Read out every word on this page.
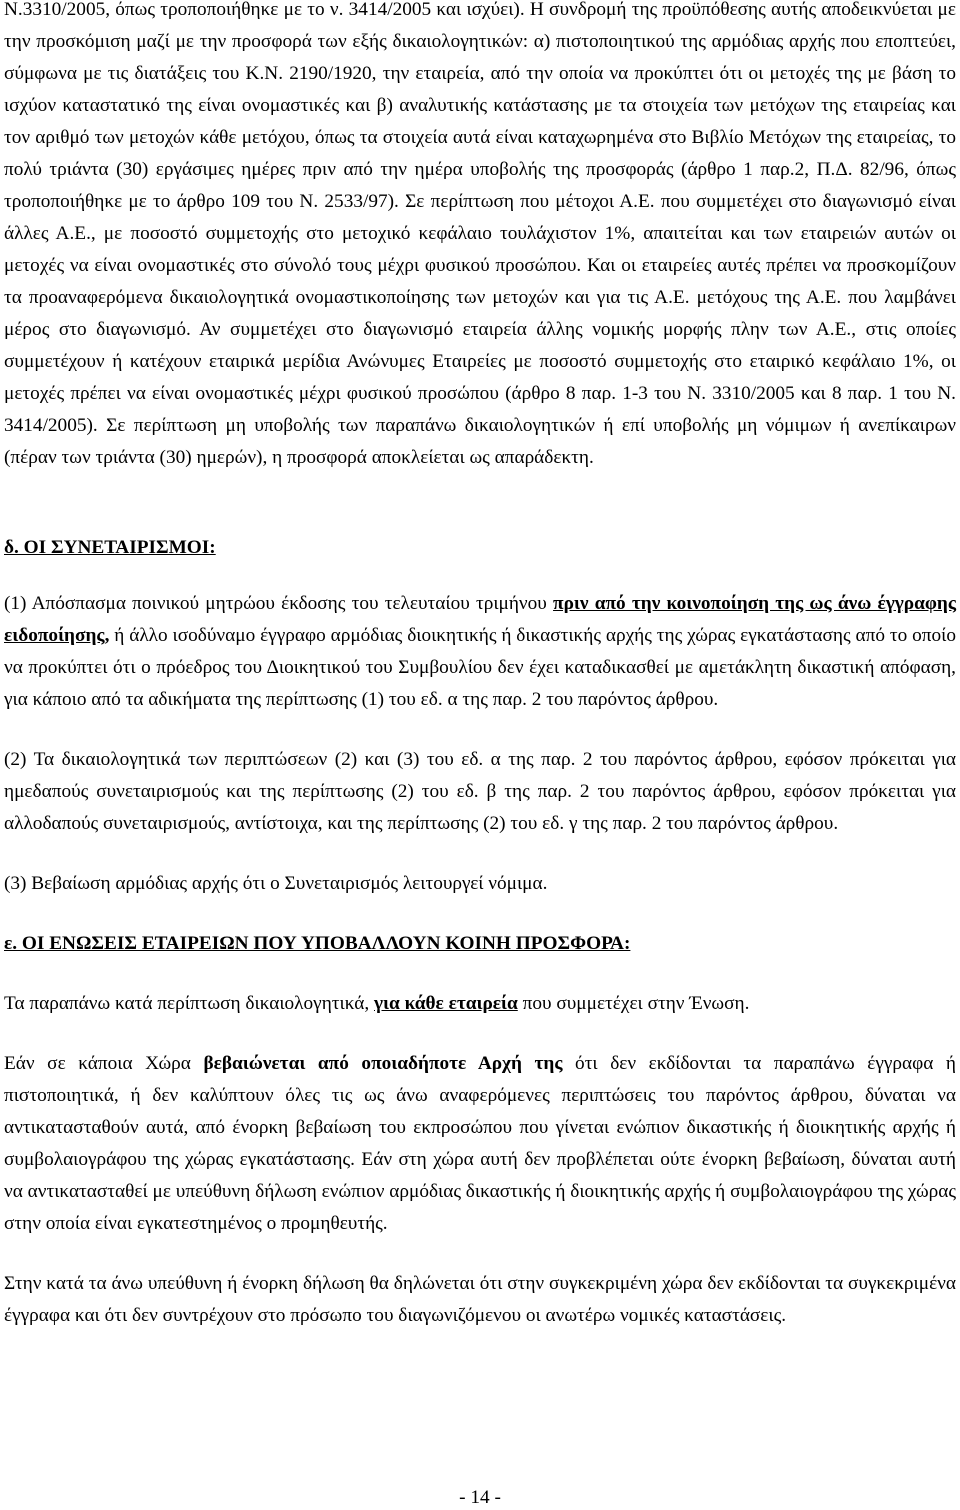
Ν.3310/2005, όπως τροποποιήθηκε με το ν. 3414/2005 και ισχύει). Η συνδρομή της προϋπόθεσης αυτής αποδεικνύεται με την προσκόμιση μαζί με την προσφορά των εξής δικαιολογητικών: α) πιστοποιητικού της αρμόδιας αρχής που εποπτεύει, σύμφωνα με τις διατάξεις του Κ.Ν. 2190/1920, την εταιρεία, από την οποία να προκύπτει ότι οι μετοχές της με βάση το ισχύον καταστατικό της είναι ονομαστικές και β) αναλυτικής κατάστασης με τα στοιχεία των μετόχων της εταιρείας και τον αριθμό των μετοχών κάθε μετόχου, όπως τα στοιχεία αυτά είναι καταχωρημένα στο Βιβλίο Μετόχων της εταιρείας, το πολύ τριάντα (30) εργάσιμες ημέρες πριν από την ημέρα υποβολής της προσφοράς (άρθρο 1 παρ.2, Π.Δ. 82/96, όπως τροποποιήθηκε με το άρθρο 109 του Ν. 2533/97). Σε περίπτωση που μέτοχοι Α.Ε. που συμμετέχει στο διαγωνισμό είναι άλλες Α.Ε., με ποσοστό συμμετοχής στο μετοχικό κεφάλαιο τουλάχιστον 1%, απαιτείται και των εταιρειών αυτών οι μετοχές να είναι ονομαστικές στο σύνολό τους μέχρι φυσικού προσώπου. Και οι εταιρείες αυτές πρέπει να προσκομίζουν τα προαναφερόμενα δικαιολογητικά ονομαστικοποίησης των μετοχών και για τις Α.Ε. μετόχους της Α.Ε. που λαμβάνει μέρος στο διαγωνισμό. Αν συμμετέχει στο διαγωνισμό εταιρεία άλλης νομικής μορφής πλην των Α.Ε., στις οποίες συμμετέχουν ή κατέχουν εταιρικά μερίδια Ανώνυμες Εταιρείες με ποσοστό συμμετοχής στο εταιρικό κεφάλαιο 1%, οι μετοχές πρέπει να είναι ονομαστικές μέχρι φυσικού προσώπου (άρθρο 8 παρ. 1-3 του Ν. 3310/2005 και 8 παρ. 1 του Ν. 3414/2005). Σε περίπτωση μη υποβολής των παραπάνω δικαιολογητικών ή επί υποβολής μη νόμιμων ή ανεπίκαιρων (πέραν των τριάντα (30) ημερών), η προσφορά αποκλείεται ως απαράδεκτη.

δ. ΟΙ ΣΥΝΕΤΑΙΡΙΣΜΟΙ:

(1) Απόσπασμα ποινικού μητρώου έκδοσης του τελευταίου τριμήνου πριν από την κοινοποίηση της ως άνω έγγραφης ειδοποίησης, ή άλλο ισοδύναμο έγγραφο αρμόδιας διοικητικής ή δικαστικής αρχής της χώρας εγκατάστασης από το οποίο να προκύπτει ότι ο πρόεδρος του Διοικητικού του Συμβουλίου δεν έχει καταδικασθεί με αμετάκλητη δικαστική απόφαση, για κάποιο από τα αδικήματα της περίπτωσης (1) του εδ. α της παρ. 2 του παρόντος άρθρου.

(2) Τα δικαιολογητικά των περιπτώσεων (2) και (3) του εδ. α της παρ. 2 του παρόντος άρθρου, εφόσον πρόκειται για ημεδαπούς συνεταιρισμούς και της περίπτωσης (2) του εδ. β της παρ. 2 του παρόντος άρθρου, εφόσον πρόκειται για αλλοδαπούς συνεταιρισμούς, αντίστοιχα, και της περίπτωσης (2) του εδ. γ της παρ. 2 του παρόντος άρθρου.

(3) Βεβαίωση αρμόδιας αρχής ότι ο Συνεταιρισμός λειτουργεί νόμιμα.

ε. ΟΙ ΕΝΩΣΕΙΣ ΕΤΑΙΡΕΙΩΝ ΠΟΥ ΥΠΟΒΑΛΛΟΥΝ ΚΟΙΝΗ ΠΡΟΣΦΟΡΑ:

Τα παραπάνω κατά περίπτωση δικαιολογητικά, για κάθε εταιρεία που συμμετέχει στην Ένωση.

Εάν σε κάποια Χώρα βεβαιώνεται από οποιαδήποτε Αρχή της ότι δεν εκδίδονται τα παραπάνω έγγραφα ή πιστοποιητικά, ή δεν καλύπτουν όλες τις ως άνω αναφερόμενες περιπτώσεις του παρόντος άρθρου, δύναται να αντικατασταθούν αυτά, από ένορκη βεβαίωση του εκπροσώπου που γίνεται ενώπιον δικαστικής ή διοικητικής αρχής ή συμβολαιογράφου της χώρας εγκατάστασης. Εάν στη χώρα αυτή δεν προβλέπεται ούτε ένορκη βεβαίωση, δύναται αυτή να αντικατασταθεί με υπεύθυνη δήλωση ενώπιον αρμόδιας δικαστικής ή διοικητικής αρχής ή συμβολαιογράφου της χώρας στην οποία είναι εγκατεστημένος ο προμηθευτής.

Στην κατά τα άνω υπεύθυνη ή ένορκη δήλωση θα δηλώνεται ότι στην συγκεκριμένη χώρα δεν εκδίδονται τα συγκεκριμένα έγγραφα και ότι δεν συντρέχουν στο πρόσωπο του διαγωνιζόμενου οι ανωτέρω νομικές καταστάσεις.

- 14 -
